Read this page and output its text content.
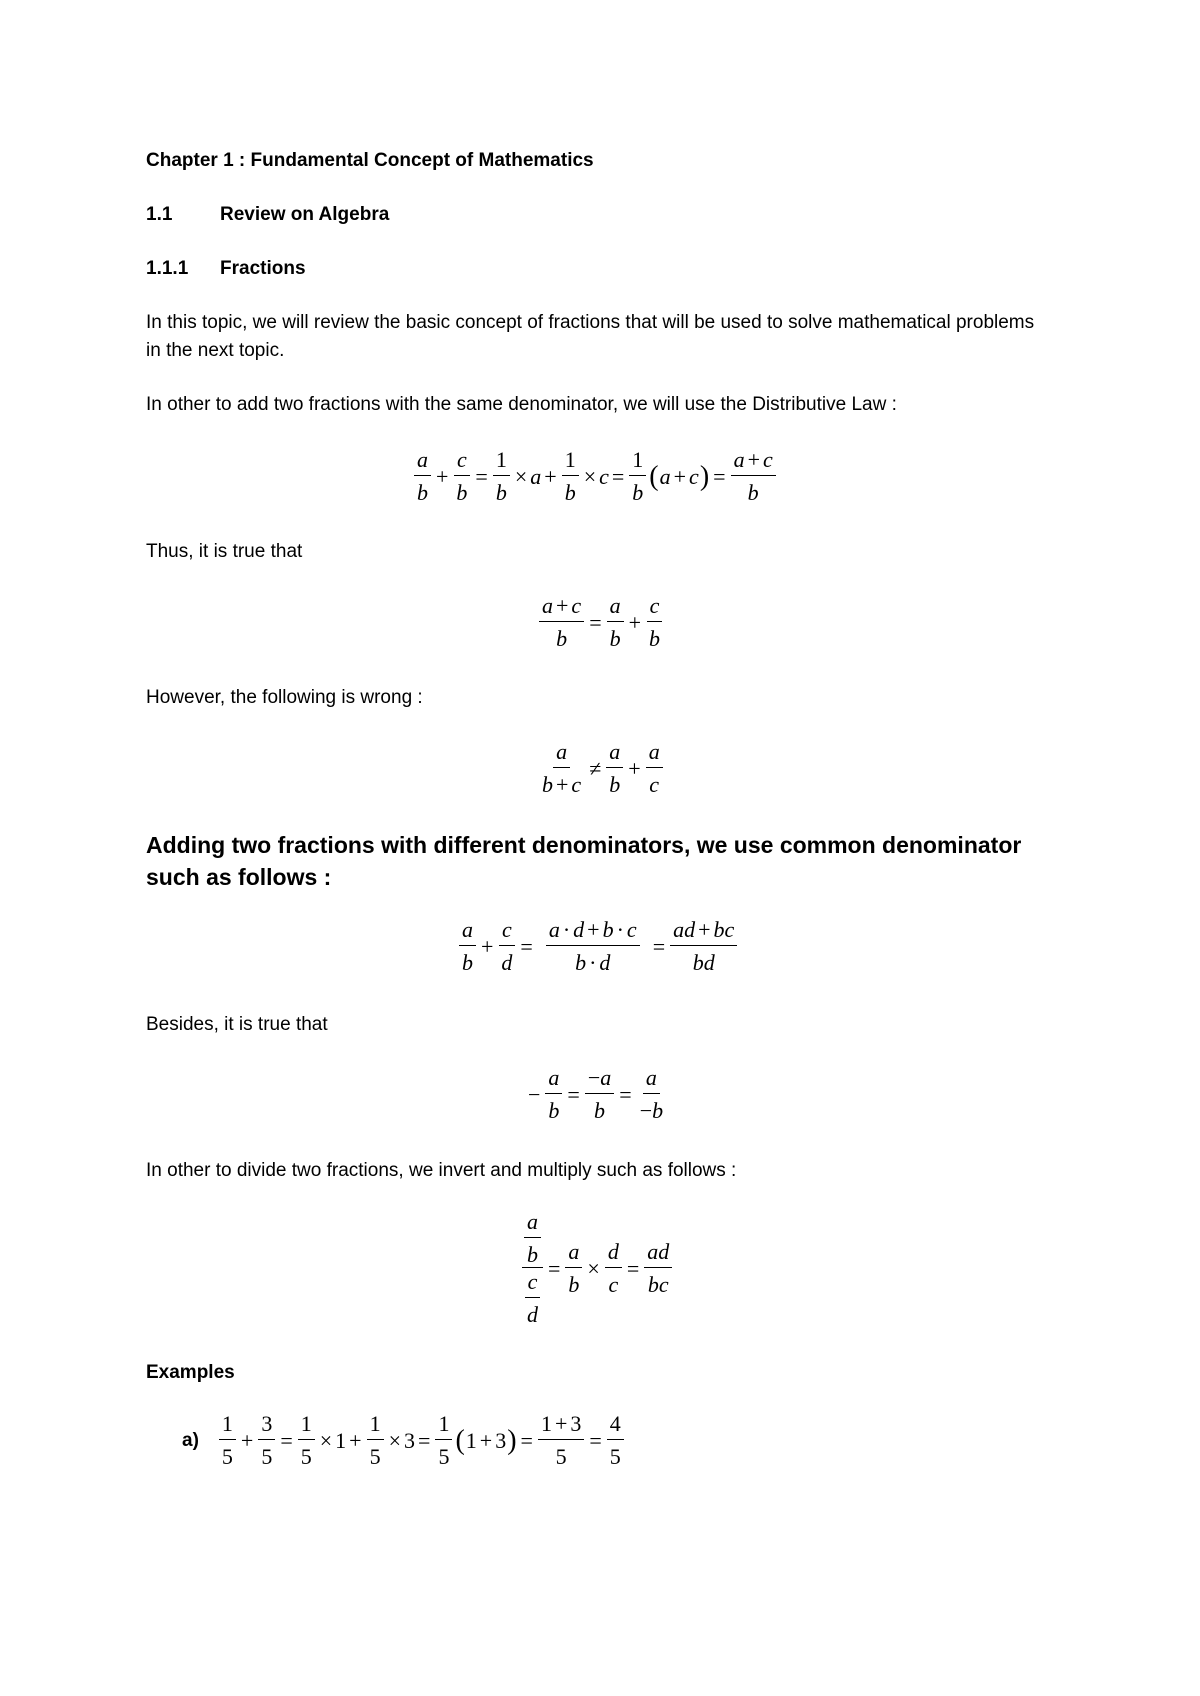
Chapter 1 : Fundamental Concept of Mathematics
1.1	Review on Algebra
1.1.1 Fractions
In this topic, we will review the basic concept of fractions that will be used to solve mathematical problems in the next topic.
In other to add two fractions with the same denominator, we will use the Distributive Law :
$\frac{a}{b} + \frac{c}{b} = \frac{1}{b} \times a + \frac{1}{b} \times c = \frac{1}{b}$ ( a + c ) = $\frac{a + c}{b}$
Thus, it is true that
$\frac{a + c}{b} = \frac{a}{b} + \frac{c}{b}$
However, the following is wrong :
$\frac{a}{b + c} \ne \frac{a}{b} + \frac{a}{c}$
Adding two fractions with different denominators, we use common denominator such as follows :
$\frac{a}{b} + \frac{c}{d} = \frac{a \cdot d + b \cdot c}{b \cdot d} = \frac{ad + bc}{bd}$
Besides, it is true that
− $\frac{a}{b} = \frac{-a}{b} = \frac{a}{-b}$
In other to divide two fractions, we invert and multiply such as follows :
$\frac{\frac{a}{b}}{\frac{c}{d}} = \frac{a}{b} \times \frac{d}{c} = \frac{ad}{bc}$
Examples
$a) \frac{1}{5} + \frac{3}{5} = \frac{1}{5} \times 1 + \frac{1}{5} \times 3 = \frac{1}{5}$ ( 1 + 3 ) = $\frac{1 + 3}{5} = \frac{4}{5}$
